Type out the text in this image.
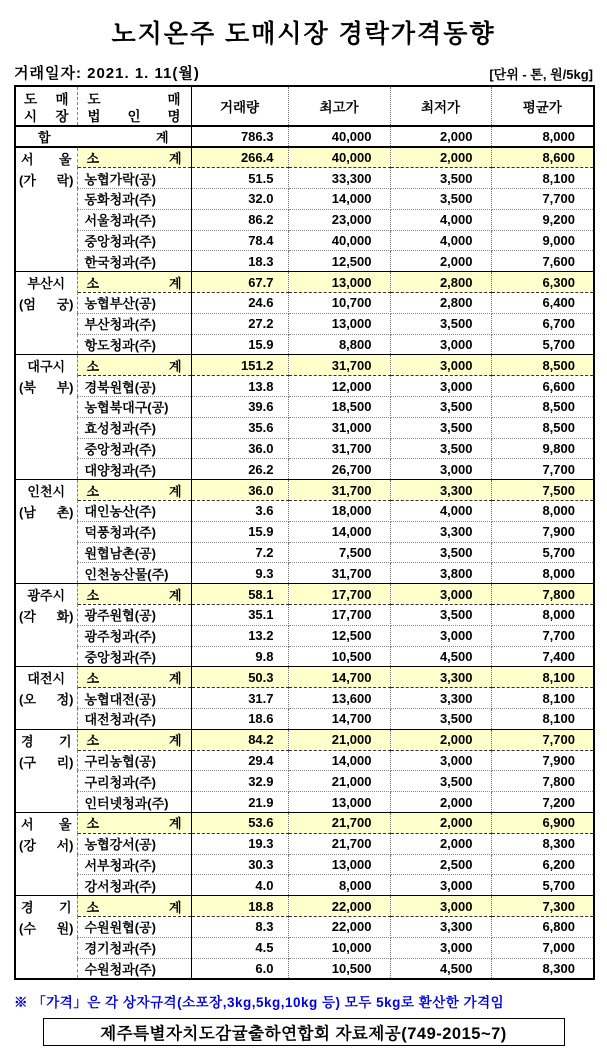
노지온주 도매시장 경락가격동향
거래일자: 2021. 1. 11(월)	[단위 - 톤, 원/5kg]
도 매
시 장

도	매
법 인 명
	거래량	최고가	최저가	평균가

합 계		786.3	40,000	2,000	8,000

서 울
(가 락)

소	계	266.4	40,000	2,000	8,600
	농협가락(공)	51.5	33,300	3,500	8,100
	동화청과(주)	32.0	14,000	3,500	7,700
	서울청과(주)	86.2	23,000	4,000	9,200
	중앙청과(주)	78.4	40,000	4,000	9,000
	한국청과(주)	18.3	12,500	2,000	7,600

부산시
(엄 궁)

소	계	67.7	13,000	2,800	6,300
	농협부산(공)	24.6	10,700	2,800	6,400
	부산청과(주)	27.2	13,000	3,500	6,700
	항도청과(주)	15.9	8,800	3,000	5,700

대구시
(북 부)

소	계	151.2	31,700	3,000	8,500
	경북원협(공)	13.8	12,000	3,000	6,600
	농협북대구(공)	39.6	18,500	3,500	8,500
	효성청과(주)	35.6	31,000	3,500	8,500
	중앙청과(주)	36.0	31,700	3,500	9,800
	대양청과(주)	26.2	26,700	3,000	7,700

인천시
(남 촌)

소	계	36.0	31,700	3,300	7,500
	대인농산(주)	3.6	18,000	4,000	8,000
	덕풍청과(주)	15.9	14,000	3,300	7,900
	원협남촌(공)	7.2	7,500	3,500	5,700
	인천농산물(주)	9.3	31,700	3,800	8,000

광주시
(각 화)

소	계	58.1	17,700	3,000	7,800
	광주원협(공)	35.1	17,700	3,500	8,000
	광주청과(주)	13.2	12,500	3,000	7,700
	중앙청과(주)	9.8	10,500	4,500	7,400

대전시
(오 정)

소	계	50.3	14,700	3,300	8,100
	농협대전(공)	31.7	13,600	3,300	8,100
	대전청과(주)	18.6	14,700	3,500	8,100

경 기
(구 리)

소	계	84.2	21,000	2,000	7,700
	구리농협(공)	29.4	14,000	3,000	7,900
	구리청과(주)	32.9	21,000	3,500	7,800
	인터넷청과(주)	21.9	13,000	2,000	7,200

서 울
(강 서)

소	계	53.6	21,700	2,000	6,900
	농협강서(공)	19.3	21,700	2,000	8,300
	서부청과(주)	30.3	13,000	2,500	6,200
	강서청과(주)	4.0	8,000	3,000	5,700

경 기
(수 원)

소	계	18.8	22,000	3,000	7,300
	수원원협(공)	8.3	22,000	3,300	6,800
	경기청과(주)	4.5	10,000	3,000	7,000
	수원청과(주)	6.0	10,500	4,500	8,300
※ 「가격」은 각 상자규격(소포장,3kg,5kg,10kg 등) 모두 5kg로 환산한 가격임
제주특별자치도감귤출하연합회 자료제공(749-2015~7)
